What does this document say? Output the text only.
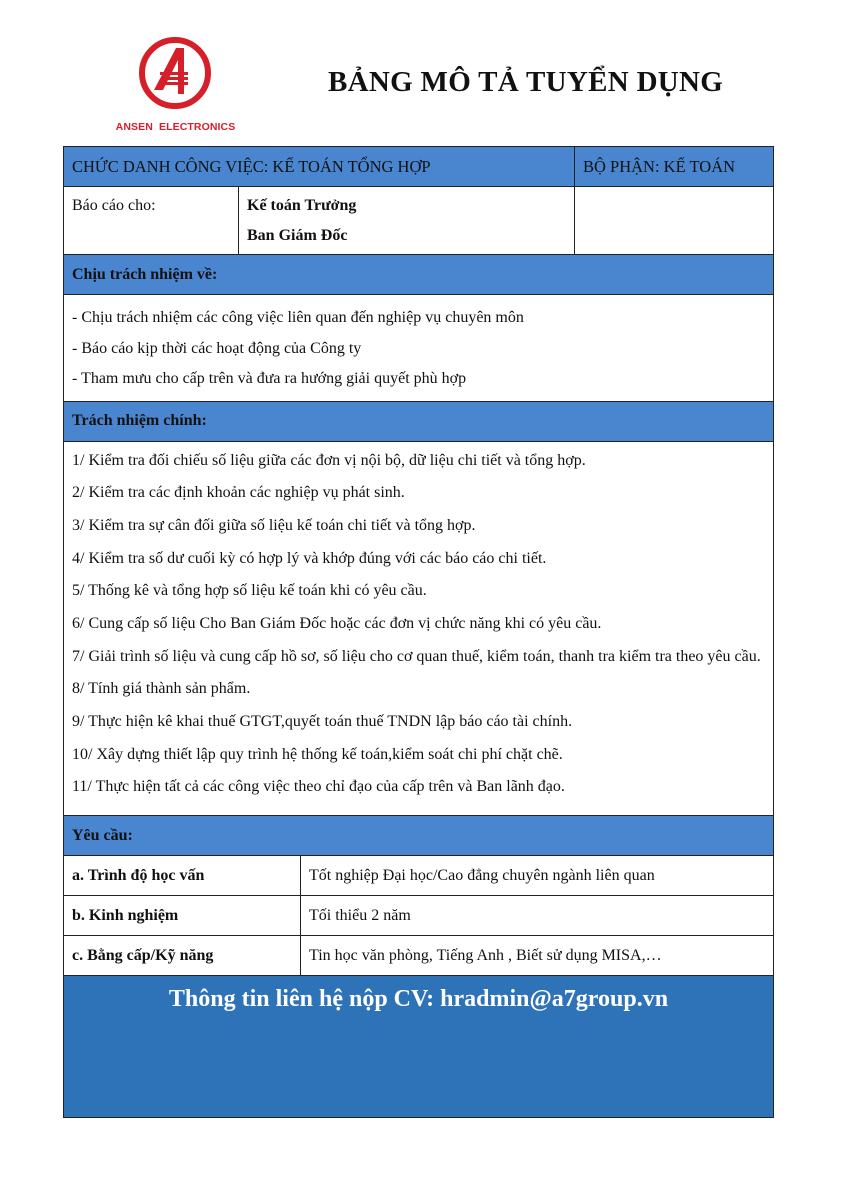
ANSEN ELECTRONICS
BẢNG MÔ TẢ TUYỂN DỤNG
CHỨC DANH CÔNG VIỆC: KẾ TOÁN TỔNG HỢP	BỘ PHẬN: KẾ TOÁN
Báo cáo cho:	Kế toán Trưởng
Ban Giám Đốc
Chịu trách nhiệm về:
- Chịu trách nhiệm các công việc liên quan đến nghiệp vụ chuyên môn
- Báo cáo kịp thời các hoạt động của Công ty
- Tham mưu cho cấp trên và đưa ra hướng giải quyết phù hợp
Trách nhiệm chính:
1/ Kiểm tra đối chiếu số liệu giữa các đơn vị nội bộ, dữ liệu chi tiết và tổng hợp.
2/ Kiểm tra các định khoản các nghiệp vụ phát sinh.
3/ Kiểm tra sự cân đối giữa số liệu kế toán chi tiết và tổng hợp.
4/ Kiểm tra số dư cuối kỳ có hợp lý và khớp đúng với các báo cáo chi tiết.
5/ Thống kê và tổng hợp số liệu kế toán khi có yêu cầu.
6/ Cung cấp số liệu Cho Ban Giám Đốc hoặc các đơn vị chức năng khi có yêu cầu.
7/ Giải trình số liệu và cung cấp hồ sơ, số liệu cho cơ quan thuế, kiểm toán, thanh tra kiểm tra theo yêu cầu.
8/ Tính giá thành sản phẩm.
9/ Thực hiện kê khai thuế GTGT,quyết toán thuế TNDN lập báo cáo tài chính.
10/ Xây dựng thiết lập quy trình hệ thống kế toán,kiểm soát chi phí chặt chẽ.
11/ Thực hiện tất cả các công việc theo chỉ đạo của cấp trên và Ban lãnh đạo.
Yêu cầu:
a. Trình độ học vấn	Tốt nghiệp Đại học/Cao đẳng chuyên ngành liên quan
b. Kinh nghiệm	Tối thiểu 2 năm
c. Bằng cấp/Kỹ năng	Tin học văn phòng, Tiếng Anh , Biết sử dụng MISA,…
Thông tin liên hệ nộp CV: hradmin@a7group.vn
